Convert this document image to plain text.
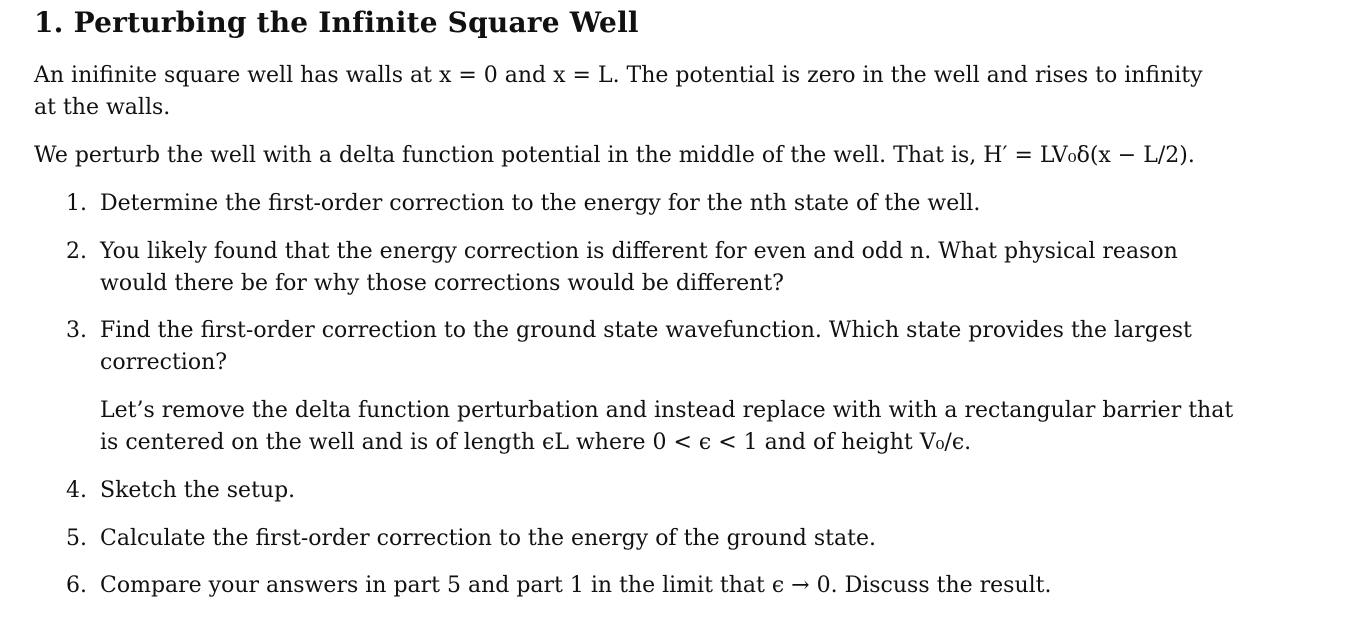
1. Perturbing the Infinite Square Well
An inifinite square well has walls at x = 0 and x = L. The potential is zero in the well and rises to infinity
at the walls.
We perturb the well with a delta function potential in the middle of the well. That is, H′ = LV₀δ(x − L/2).
1. Determine the first-order correction to the energy for the nth state of the well.
2. You likely found that the energy correction is different for even and odd n. What physical reason
would there be for why those corrections would be different?
3. Find the first-order correction to the ground state wavefunction. Which state provides the largest
correction?
Let’s remove the delta function perturbation and instead replace with with a rectangular barrier that
is centered on the well and is of length ϵL where 0 < ϵ < 1 and of height V₀/ϵ.
4. Sketch the setup.
5. Calculate the first-order correction to the energy of the ground state.
6. Compare your answers in part 5 and part 1 in the limit that ϵ → 0. Discuss the result.
